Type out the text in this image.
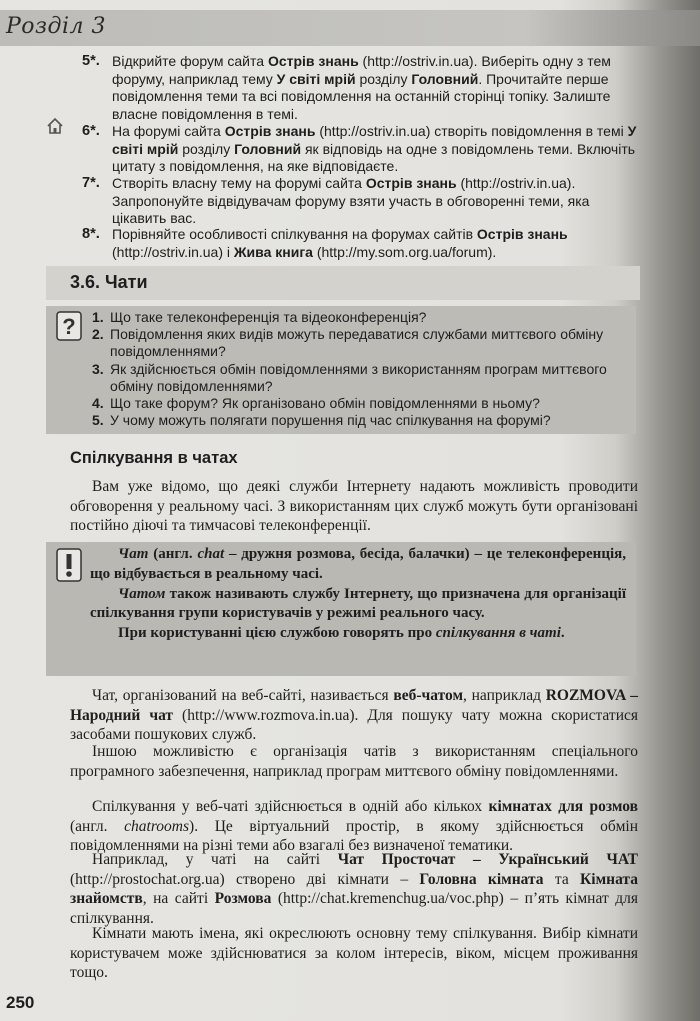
Розділ 3
5*. Відкрийте форум сайта Острів знань (http://ostriv.in.ua). Виберіть одну з тем форуму, наприклад тему У світі мрій розділу Головний. Прочитайте перше повідомлення теми та всі повідомлення на останній сторінці топіку. Залиште власне повідомлення в темі.
6*. На форумі сайта Острів знань (http://ostriv.in.ua) створіть повідомлення в темі У світі мрій розділу Головний як відповідь на одне з повідомлень теми. Включіть цитату з повідомлення, на яке відповідаєте.
7*. Створіть власну тему на форумі сайта Острів знань (http://ostriv.in.ua). Запропонуйте відвідувачам форуму взяти участь в обговоренні теми, яка цікавить вас.
8*. Порівняйте особливості спілкування на форумах сайтів Острів знань (http://ostriv.in.ua) і Жива книга (http://my.som.org.ua/forum).
3.6. Чати
? 1. Що таке телеконференція та відеоконференція?
2. Повідомлення яких видів можуть передаватися службами миттєвого обміну повідомленнями?
3. Як здійснюється обмін повідомленнями з використанням програм миттєвого обміну повідомленнями?
4. Що таке форум? Як організовано обмін повідомленнями в ньому?
5. У чому можуть полягати порушення під час спілкування на форумі?
Спілкування в чатах

Вам уже відомо, що деякі служби Інтернету надають можливість проводити обговорення у реальному часі. З використанням цих служб можуть бути організовані постійно діючі та тимчасові телеконференції.

Чат (англ. chat – дружня розмова, бесіда, балачки) – це телеконференція, що відбувається в реальному часі.

Чатом також називають службу Інтернету, що призначена для організації спілкування групи користувачів у режимі реального часу.

При користуванні цією службою говорять про спілкування в чаті.

Чат, організований на веб-сайті, називається веб-чатом, наприклад ROZMOVA – Народний чат (http://www.rozmova.in.ua). Для пошуку чату можна скористатися засобами пошукових служб.

Іншою можливістю є організація чатів з використанням спеціального програмного забезпечення, наприклад програм миттєвого обміну повідомленнями.

Спілкування у веб-чаті здійснюється в одній або кількох кімнатах для розмов (англ. chatrooms). Це віртуальний простір, в якому здійснюється обмін повідомленнями на різні теми або взагалі без визначеної тематики.

Наприклад, у чаті на сайті Чат Просточат – Український ЧАТ (http://prostochat.org.ua) створено дві кімнати – Головна кімната та Кімната знайомств, на сайті Розмова (http://chat.kremenchug.ua/voc.php) – п’ять кімнат для спілкування.

Кімнати мають імена, які окреслюють основну тему спілкування. Вибір кімнати користувачем може здійснюватися за колом інтересів, віком, місцем проживання тощо.

250
